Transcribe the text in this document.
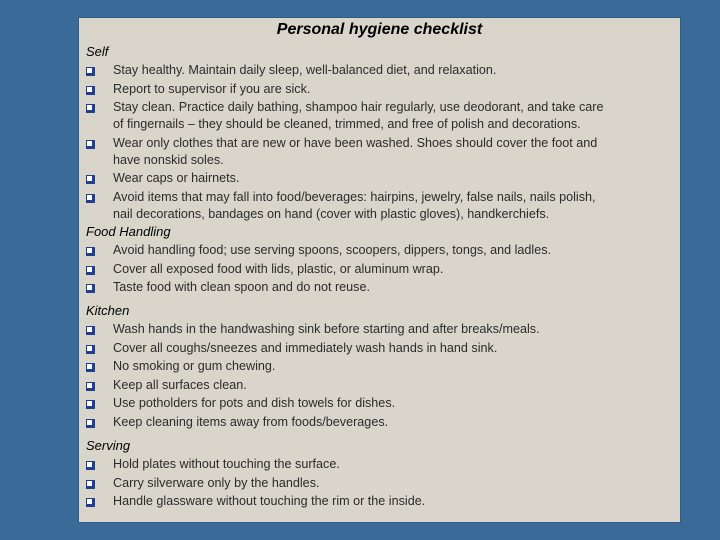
Personal hygiene checklist
Self
Stay healthy. Maintain daily sleep, well-balanced diet, and relaxation.
Report to supervisor if you are sick.
Stay clean. Practice daily bathing, shampoo hair regularly, use deodorant, and take care
of fingernails – they should be cleaned, trimmed, and free of polish and decorations.
Wear only clothes that are new or have been washed. Shoes should cover the foot and
have nonskid soles.
Wear caps or hairnets.
Avoid items that may fall into food/beverages: hairpins, jewelry, false nails, nails polish,
nail decorations, bandages on hand (cover with plastic gloves), handkerchiefs.
Food Handling
Avoid handling food; use serving spoons, scoopers, dippers, tongs, and ladles.
Cover all exposed food with lids, plastic, or aluminum wrap.
Taste food with clean spoon and do not reuse.
Kitchen
Wash hands in the handwashing sink before starting and after breaks/meals.
Cover all coughs/sneezes and immediately wash hands in hand sink.
No smoking or gum chewing.
Keep all surfaces clean.
Use potholders for pots and dish towels for dishes.
Keep cleaning items away from foods/beverages.
Serving
Hold plates without touching the surface.
Carry silverware only by the handles.
Handle glassware without touching the rim or the inside.
